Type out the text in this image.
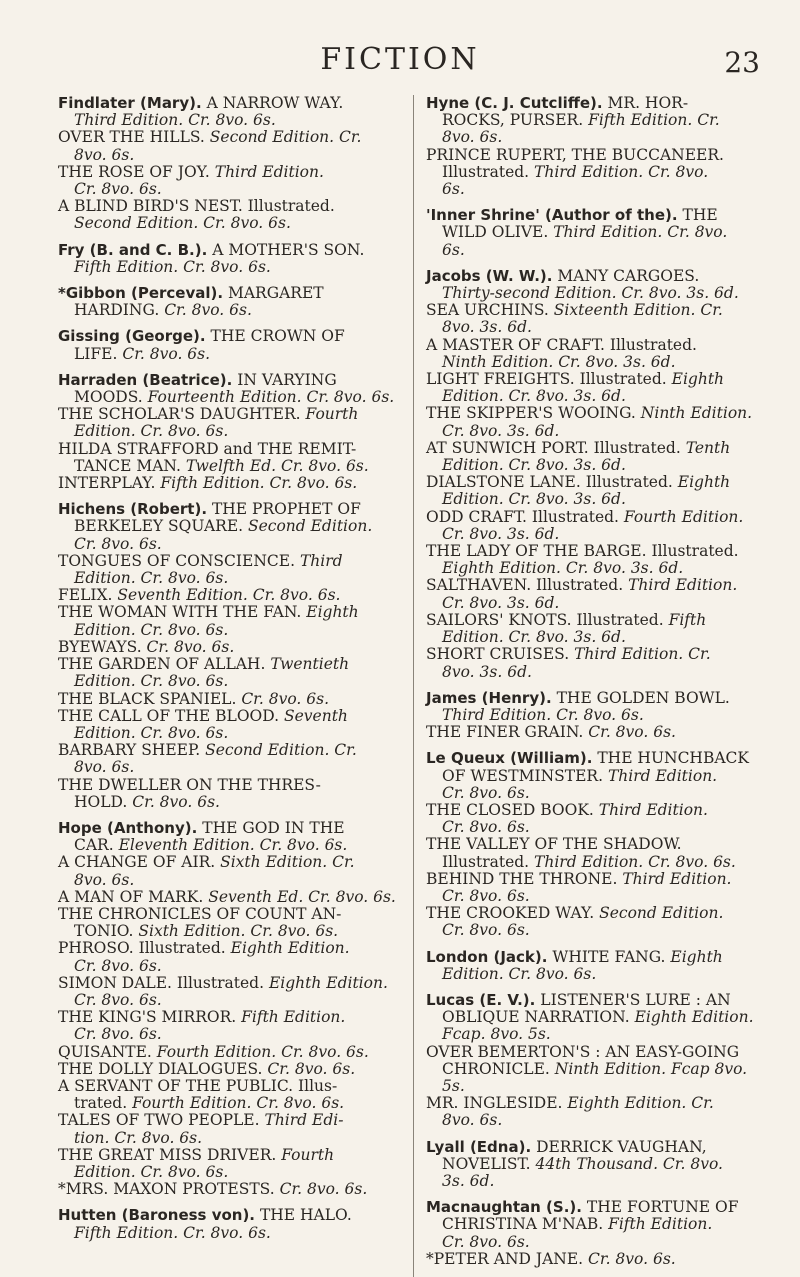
FICTION	23
Findlater (Mary). A NARROW WAY.
Third Edition. Cr. 8vo. 6s.
OVER THE HILLS. Second Edition. Cr.
8vo. 6s.
THE ROSE OF JOY. Third Edition.
Cr. 8vo. 6s.
A BLIND BIRD'S NEST. Illustrated.
Second Edition. Cr. 8vo. 6s.
Fry (B. and C. B.). A MOTHER'S SON.
Fifth Edition. Cr. 8vo. 6s.
*Gibbon (Perceval). MARGARET
HARDING. Cr. 8vo. 6s.
Gissing (George). THE CROWN OF
LIFE. Cr. 8vo. 6s.
Harraden (Beatrice). IN VARYING
MOODS. Fourteenth Edition. Cr. 8vo. 6s.
THE SCHOLAR'S DAUGHTER. Fourth
Edition. Cr. 8vo. 6s.
HILDA STRAFFORD and THE REMIT-
TANCE MAN. Twelfth Ed. Cr. 8vo. 6s.
INTERPLAY. Fifth Edition. Cr. 8vo. 6s.
Hichens (Robert). THE PROPHET OF
BERKELEY SQUARE. Second Edition.
Cr. 8vo. 6s.
TONGUES OF CONSCIENCE. Third
Edition. Cr. 8vo. 6s.
FELIX. Seventh Edition. Cr. 8vo. 6s.
THE WOMAN WITH THE FAN. Eighth
Edition. Cr. 8vo. 6s.
BYEWAYS. Cr. 8vo. 6s.
THE GARDEN OF ALLAH. Twentieth
Edition. Cr. 8vo. 6s.
THE BLACK SPANIEL. Cr. 8vo. 6s.
THE CALL OF THE BLOOD. Seventh
Edition. Cr. 8vo. 6s.
BARBARY SHEEP. Second Edition. Cr.
8vo. 6s.
THE DWELLER ON THE THRES-
HOLD. Cr. 8vo. 6s.
Hope (Anthony). THE GOD IN THE
CAR. Eleventh Edition. Cr. 8vo. 6s.
A CHANGE OF AIR. Sixth Edition. Cr.
8vo. 6s.
A MAN OF MARK. Seventh Ed. Cr. 8vo. 6s.
THE CHRONICLES OF COUNT AN-
TONIO. Sixth Edition. Cr. 8vo. 6s.
PHROSO. Illustrated. Eighth Edition.
Cr. 8vo. 6s.
SIMON DALE. Illustrated. Eighth Edition.
Cr. 8vo. 6s.
THE KING'S MIRROR. Fifth Edition.
Cr. 8vo. 6s.
QUISANTE. Fourth Edition. Cr. 8vo. 6s.
THE DOLLY DIALOGUES. Cr. 8vo. 6s.
A SERVANT OF THE PUBLIC. Illus-
trated. Fourth Edition. Cr. 8vo. 6s.
TALES OF TWO PEOPLE. Third Edi-
tion. Cr. 8vo. 6s.
THE GREAT MISS DRIVER. Fourth
Edition. Cr. 8vo. 6s.
*MRS. MAXON PROTESTS. Cr. 8vo. 6s.
Hutten (Baroness von). THE HALO.
Fifth Edition. Cr. 8vo. 6s.
Hyne (C. J. Cutcliffe). MR. HOR-
ROCKS, PURSER. Fifth Edition. Cr.
8vo. 6s.
PRINCE RUPERT, THE BUCCANEER.
Illustrated. Third Edition. Cr. 8vo.
6s.
'Inner Shrine' (Author of the). THE
WILD OLIVE. Third Edition. Cr. 8vo.
6s.
Jacobs (W. W.). MANY CARGOES.
Thirty-second Edition. Cr. 8vo. 3s. 6d.
SEA URCHINS. Sixteenth Edition. Cr.
8vo. 3s. 6d.
A MASTER OF CRAFT. Illustrated.
Ninth Edition. Cr. 8vo. 3s. 6d.
LIGHT FREIGHTS. Illustrated. Eighth
Edition. Cr. 8vo. 3s. 6d.
THE SKIPPER'S WOOING. Ninth Edition.
Cr. 8vo. 3s. 6d.
AT SUNWICH PORT. Illustrated. Tenth
Edition. Cr. 8vo. 3s. 6d.
DIALSTONE LANE. Illustrated. Eighth
Edition. Cr. 8vo. 3s. 6d.
ODD CRAFT. Illustrated. Fourth Edition.
Cr. 8vo. 3s. 6d.
THE LADY OF THE BARGE. Illustrated.
Eighth Edition. Cr. 8vo. 3s. 6d.
SALTHAVEN. Illustrated. Third Edition.
Cr. 8vo. 3s. 6d.
SAILORS' KNOTS. Illustrated. Fifth
Edition. Cr. 8vo. 3s. 6d.
SHORT CRUISES. Third Edition. Cr.
8vo. 3s. 6d.
James (Henry). THE GOLDEN BOWL.
Third Edition. Cr. 8vo. 6s.
THE FINER GRAIN. Cr. 8vo. 6s.
Le Queux (William). THE HUNCHBACK
OF WESTMINSTER. Third Edition.
Cr. 8vo. 6s.
THE CLOSED BOOK. Third Edition.
Cr. 8vo. 6s.
THE VALLEY OF THE SHADOW.
Illustrated. Third Edition. Cr. 8vo. 6s.
BEHIND THE THRONE. Third Edition.
Cr. 8vo. 6s.
THE CROOKED WAY. Second Edition.
Cr. 8vo. 6s.
London (Jack). WHITE FANG. Eighth
Edition. Cr. 8vo. 6s.
Lucas (E. V.). LISTENER'S LURE : AN
OBLIQUE NARRATION. Eighth Edition.
Fcap. 8vo. 5s.
OVER BEMERTON'S : AN EASY-GOING
CHRONICLE. Ninth Edition. Fcap 8vo. 5s.
MR. INGLESIDE. Eighth Edition. Cr.
8vo. 6s.
Lyall (Edna). DERRICK VAUGHAN,
NOVELIST. 44th Thousand. Cr. 8vo.
3s. 6d.
Macnaughtan (S.). THE FORTUNE OF
CHRISTINA M'NAB. Fifth Edition.
Cr. 8vo. 6s.
*PETER AND JANE. Cr. 8vo. 6s.
